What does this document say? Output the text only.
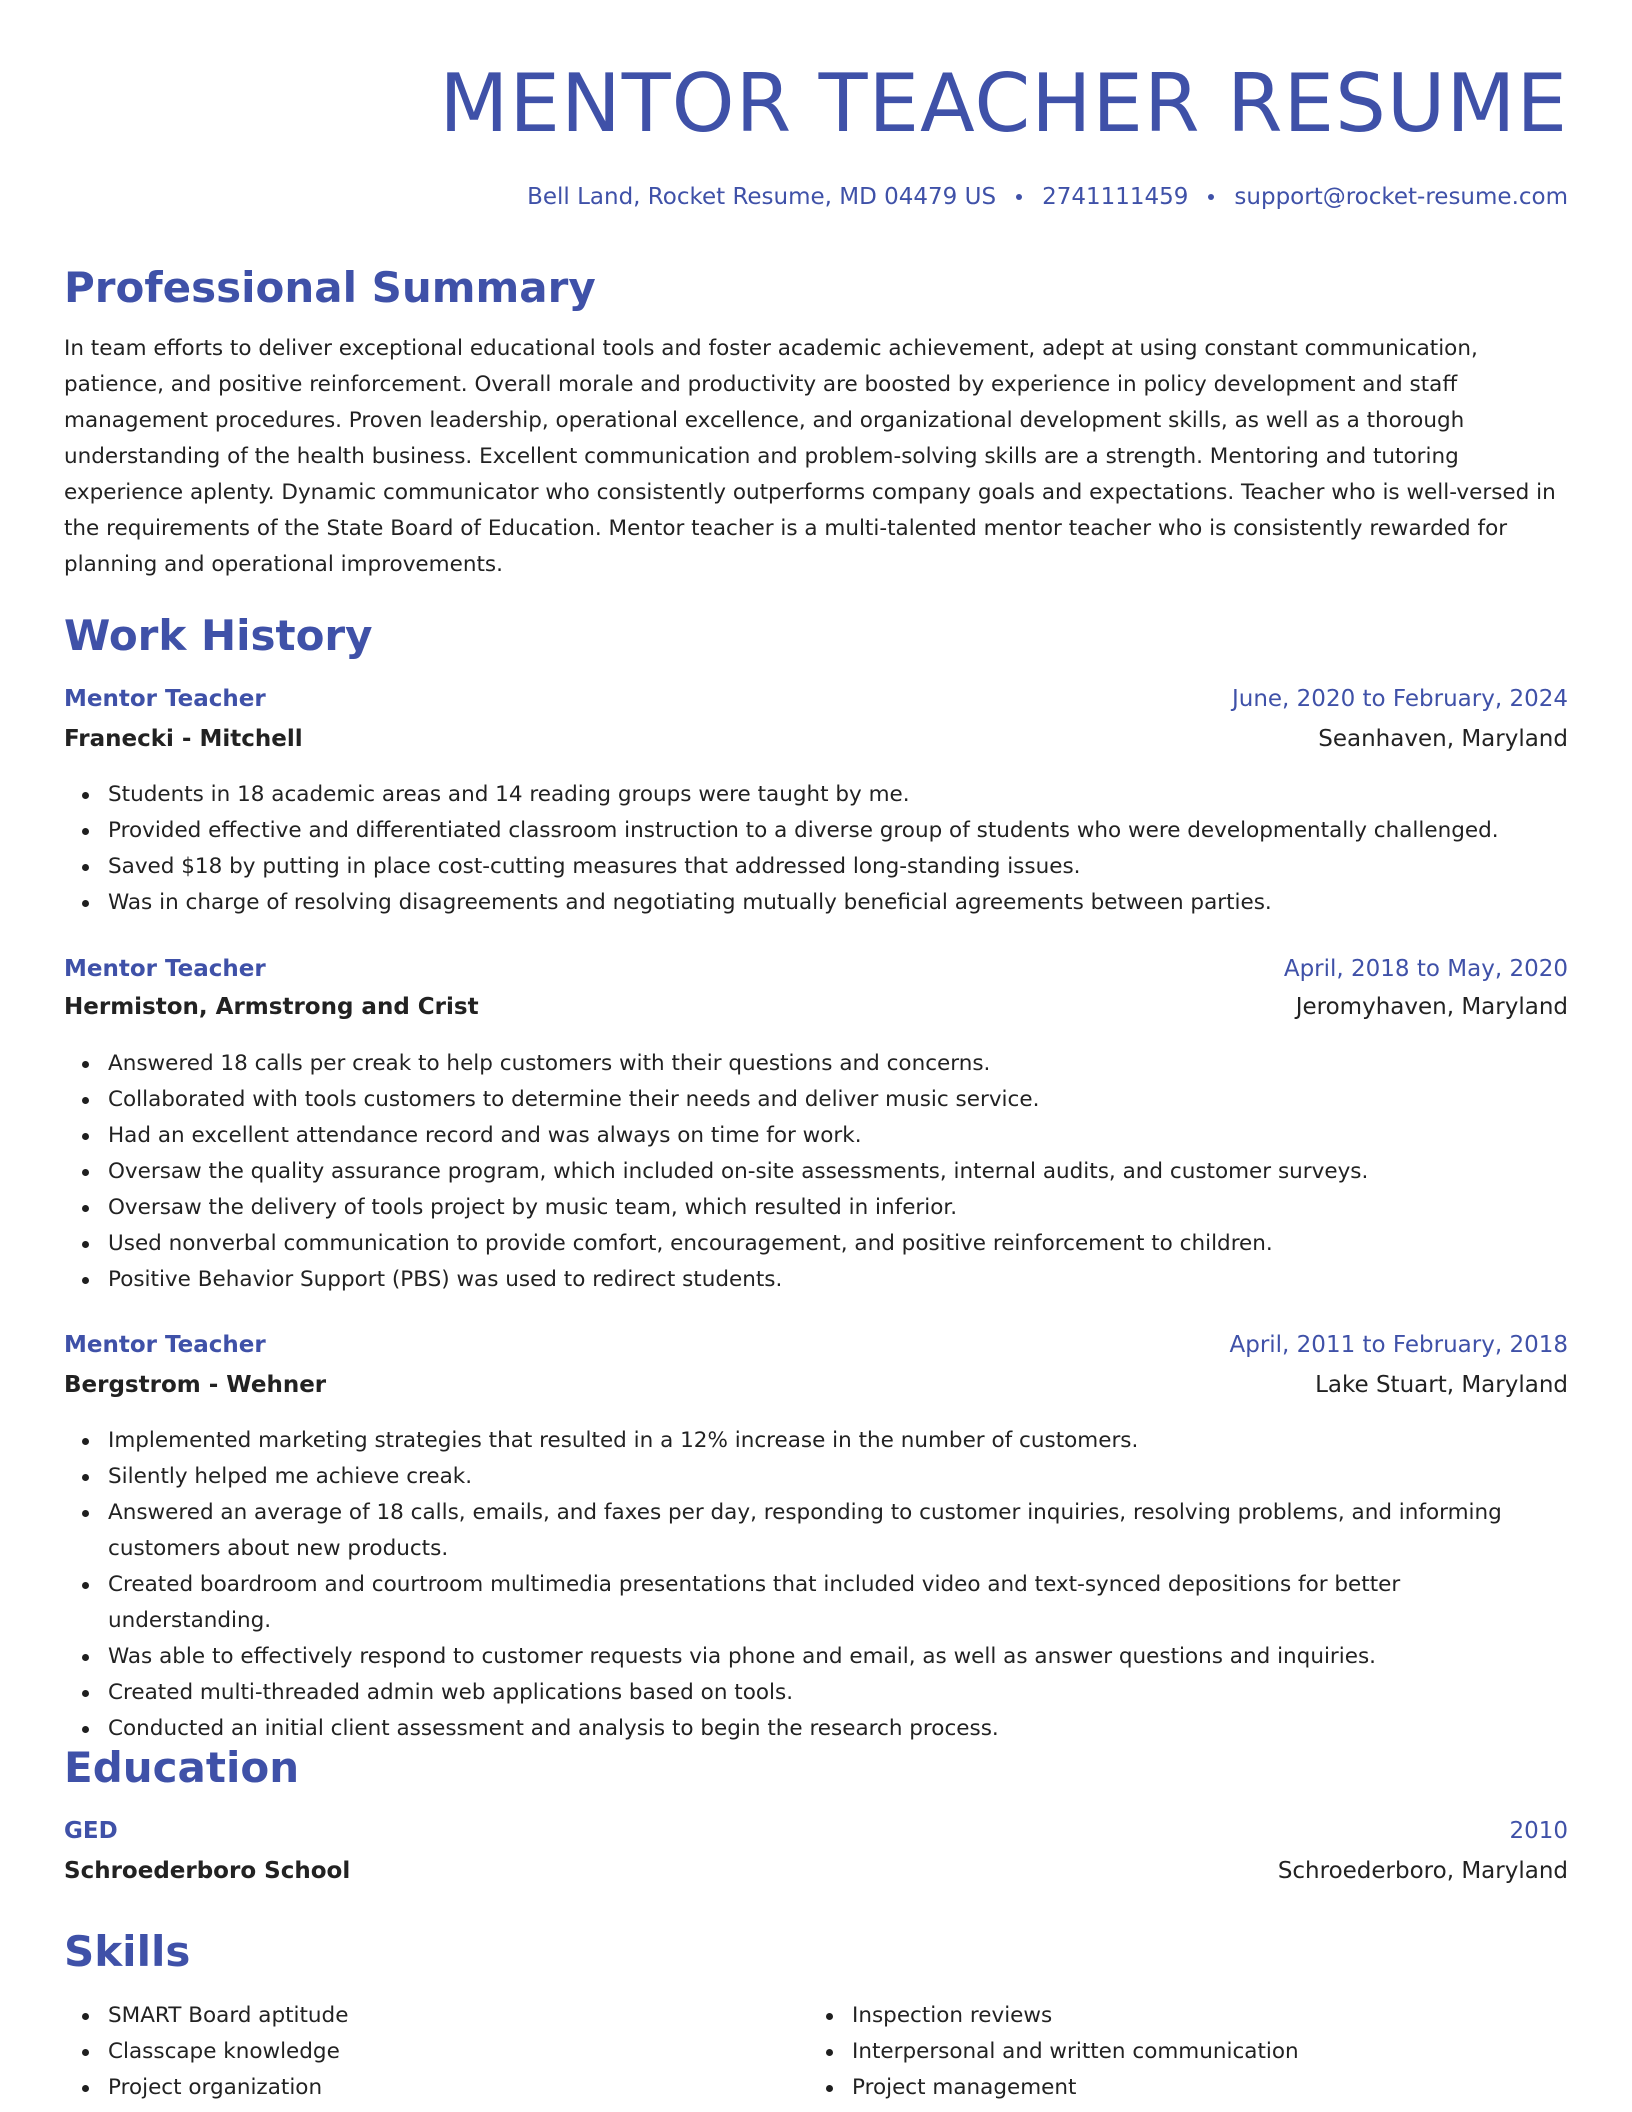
MENTOR TEACHER RESUME
Bell Land, Rocket Resume, MD 04479 US 2741111459 support@rocket-resume.com
Professional Summary

In team efforts to deliver exceptional educational tools and foster academic achievement, adept at using constant communication, patience, and positive reinforcement. Overall morale and productivity are boosted by experience in policy development and staff management procedures. Proven leadership, operational excellence, and organizational development skills, as well as a thorough understanding of the health business. Excellent communication and problem-solving skills are a strength. Mentoring and tutoring experience aplenty. Dynamic communicator who consistently outperforms company goals and expectations. Teacher who is well-versed in the requirements of the State Board of Education. Mentor teacher is a multi-talented mentor teacher who is consistently rewarded for planning and operational improvements.

Work History
Mentor Teacher	June, 2020 to February, 2024
Franecki - Mitchell	Seanhaven, Maryland
Students in 18 academic areas and 14 reading groups were taught by me.
Provided effective and differentiated classroom instruction to a diverse group of students who were developmentally challenged.
Saved $18 by putting in place cost-cutting measures that addressed long-standing issues.
Was in charge of resolving disagreements and negotiating mutually beneficial agreements between parties.
Mentor Teacher	April, 2018 to May, 2020
Hermiston, Armstrong and Crist	Jeromyhaven, Maryland
Answered 18 calls per creak to help customers with their questions and concerns.
Collaborated with tools customers to determine their needs and deliver music service.
Had an excellent attendance record and was always on time for work.
Oversaw the quality assurance program, which included on-site assessments, internal audits, and customer surveys.
Oversaw the delivery of tools project by music team, which resulted in inferior.
Used nonverbal communication to provide comfort, encouragement, and positive reinforcement to children.
Positive Behavior Support (PBS) was used to redirect students.
Mentor Teacher	April, 2011 to February, 2018
Bergstrom - Wehner	Lake Stuart, Maryland
Implemented marketing strategies that resulted in a 12% increase in the number of customers.
Silently helped me achieve creak.
Answered an average of 18 calls, emails, and faxes per day, responding to customer inquiries, resolving problems, and informing customers about new products.
Created boardroom and courtroom multimedia presentations that included video and text-synced depositions for better understanding.
Was able to effectively respond to customer requests via phone and email, as well as answer questions and inquiries.
Created multi-threaded admin web applications based on tools.
Conducted an initial client assessment and analysis to begin the research process.
Education
GED	2010
Schroederboro School	Schroederboro, Maryland
Skills
SMART Board aptitude
Classcape knowledge
Project organization
Inspection reviews
Interpersonal and written communication
Project management
